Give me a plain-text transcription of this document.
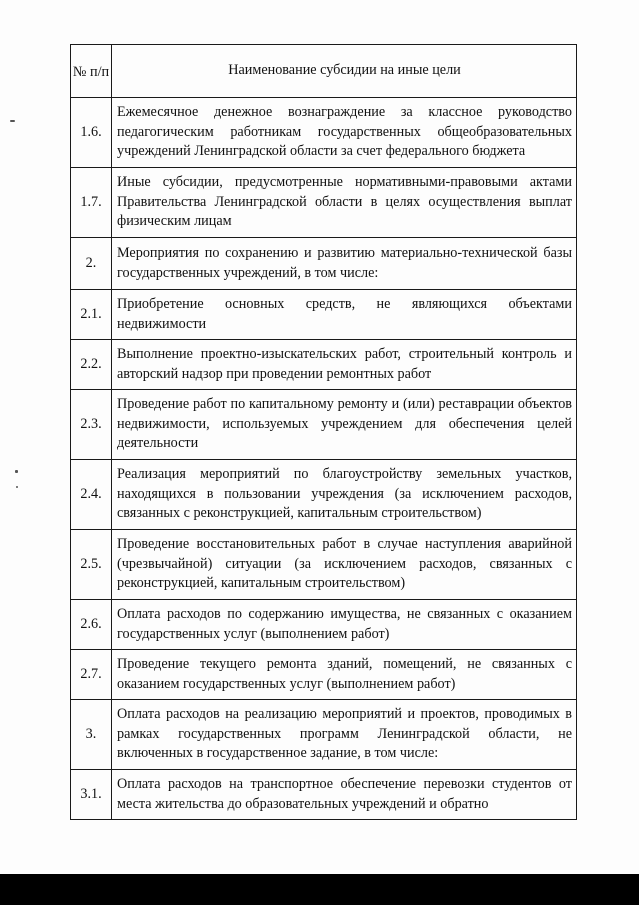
№ п/п	Наименование субсидии на иные цели
1.6.	Ежемесячное денежное вознаграждение за классное руководство педагогическим работникам государственных общеобразовательных учреждений Ленинградской области за счет федерального бюджета
1.7.	Иные субсидии, предусмотренные нормативными-правовыми актами Правительства Ленинградской области в целях осуществления выплат физическим лицам
2.	Мероприятия по сохранению и развитию материально-технической базы государственных учреждений, в том числе:
2.1.	Приобретение основных средств, не являющихся объектами недвижимости
2.2.	Выполнение проектно-изыскательских работ, строительный контроль и авторский надзор при проведении ремонтных работ
2.3.	Проведение работ по капитальному ремонту и (или) реставрации объектов недвижимости, используемых учреждением для обеспечения целей деятельности
2.4.	Реализация мероприятий по благоустройству земельных участков, находящихся в пользовании учреждения (за исключением расходов, связанных с реконструкцией, капитальным строительством)
2.5.	Проведение восстановительных работ в случае наступления аварийной (чрезвычайной) ситуации (за исключением расходов, связанных с реконструкцией, капитальным строительством)
2.6.	Оплата расходов по содержанию имущества, не связанных с оказанием государственных услуг (выполнением работ)
2.7.	Проведение текущего ремонта зданий, помещений, не связанных с оказанием государственных услуг (выполнением работ)
3.	Оплата расходов на реализацию мероприятий и проектов, проводимых в рамках государственных программ Ленинградской области, не включенных в государственное задание, в том числе:
3.1.	Оплата расходов на транспортное обеспечение перевозки студентов от места жительства до образовательных учреждений и обратно
